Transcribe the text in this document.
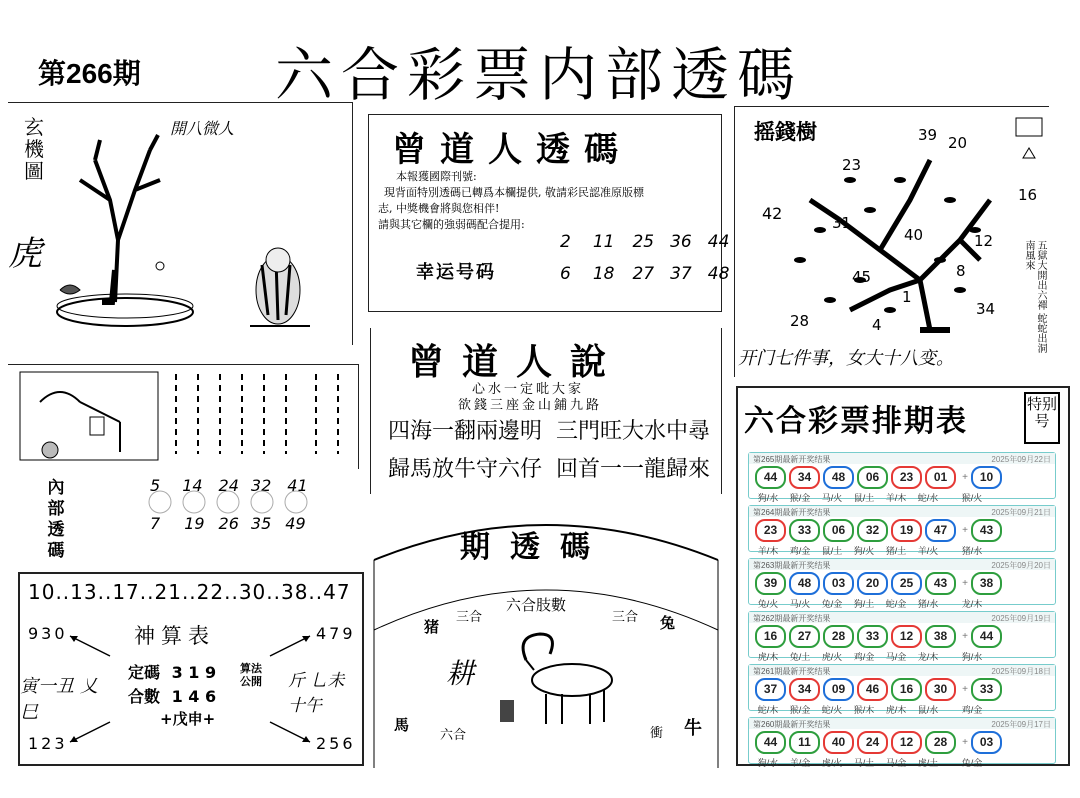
第266期 六合彩票内部透碼
玄
機
圖
開八微人
虎
內
部
透
碼
5 14 24 32 41
7 19 26 35 49
10..13..17..21..22..30..38..47
930	479
123	256
神算表
定碼 3 1 9
合數 1 4 6
算法公開
+戊申+
寅一丑 乂 巳
斤 乚未 十午
曾道人透碼
本報獲國際刊號:
現背面特別透碼已轉爲本欄提供, 敬請彩民認准原版標
志, 中獎機會將與您相伴!
請與其它欄的強弱碼配合提用:
幸运号码
2 11 25 36 44
6 18 27 37 48
曾道人說
心水一定吡大家
欲錢三座金山鋪九路
四海一翻兩邊明  三門旺大水中尋
歸馬放牛守六仔  回首一一龍歸來
期透碼
六合肢數
猪
三合	三合 兔
馬
六合	衝 牛
耕
摇錢樹	39 20
23
16
42	31
40	12
45	8
28	4
34
1	五獄大開出六禪 蛇蛇出洞南風來
开门七件事，女大十八变。
六合彩票排期表	特别号
第265期最新开奖结果	2025年09月22日
44 34 48 06 23 01 + 10
狗/水 猴/金 马/火 鼠/土 羊/木 蛇/水	猴/火
第264期最新开奖结果	2025年09月21日
23 33 06 32 19 47 + 43
羊/木 鸡/金 鼠/土 狗/火 猪/土 羊/火	猪/水
第263期最新开奖结果	2025年09月20日
39 48 03 20 25 43 + 38
兔/火 马/火 兔/金 狗/土 蛇/金 猪/水	龙/木
第262期最新开奖结果	2025年09月19日
16 27 28 33 12 38 + 44
虎/木 兔/土 虎/火 鸡/金 马/金 龙/木	狗/水
第261期最新开奖结果	2025年09月18日
37 34 09 46 16 30 + 33
蛇/木 猴/金 蛇/火 猴/木 虎/木 鼠/水	鸡/金
第260期最新开奖结果	2025年09月17日
44 11 40 24 12 28 + 03
狗/水 羊/金 虎/火 马/土 马/金 虎/土	兔/金
